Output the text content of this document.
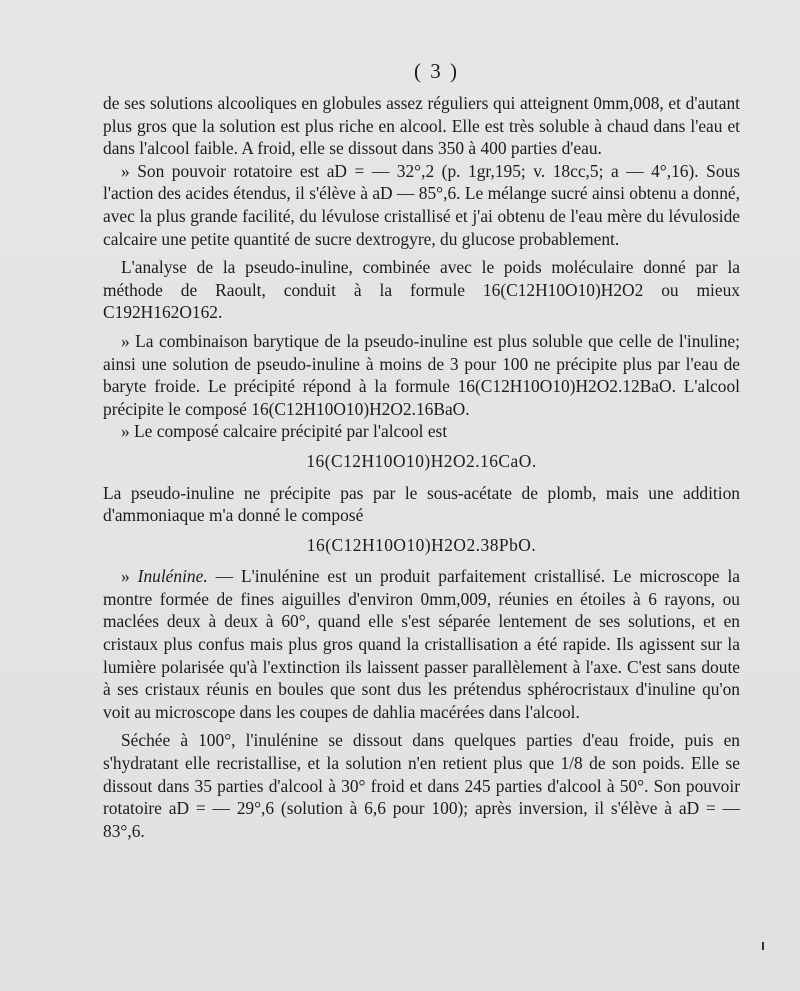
( 3 )

de ses solutions alcooliques en globules assez réguliers qui atteignent 0mm,008, et d'autant plus gros que la solution est plus riche en alcool. Elle est très soluble à chaud dans l'eau et dans l'alcool faible. A froid, elle se dissout dans 350 à 400 parties d'eau.

» Son pouvoir rotatoire est aD = — 32°,2 (p. 1gr,195; v. 18cc,5; a — 4°,16). Sous l'action des acides étendus, il s'élève à aD — 85°,6. Le mélange sucré ainsi obtenu a donné, avec la plus grande facilité, du lévulose cristallisé et j'ai obtenu de l'eau mère du lévuloside calcaire une petite quantité de sucre dextrogyre, du glucose probablement.

L'analyse de la pseudo-inuline, combinée avec le poids moléculaire donné par la méthode de Raoult, conduit à la formule 16(C12H10O10)H2O2 ou mieux C192H162O162.

» La combinaison barytique de la pseudo-inuline est plus soluble que celle de l'inuline; ainsi une solution de pseudo-inuline à moins de 3 pour 100 ne précipite plus par l'eau de baryte froide. Le précipité répond à la formule 16(C12H10O10)H2O2.12BaO. L'alcool précipite le composé 16(C12H10O10)H2O2.16BaO.

» Le composé calcaire précipité par l'alcool est

16(C12H10O10)H2O2.16CaO.

La pseudo-inuline ne précipite pas par le sous-acétate de plomb, mais une addition d'ammoniaque m'a donné le composé

16(C12H10O10)H2O2.38PbO.

» Inulénine. — L'inulénine est un produit parfaitement cristallisé. Le microscope la montre formée de fines aiguilles d'environ 0mm,009, réunies en étoiles à 6 rayons, ou maclées deux à deux à 60°, quand elle s'est séparée lentement de ses solutions, et en cristaux plus confus mais plus gros quand la cristallisation a été rapide. Ils agissent sur la lumière polarisée qu'à l'extinction ils laissent passer parallèlement à l'axe. C'est sans doute à ses cristaux réunis en boules que sont dus les prétendus sphérocristaux d'inuline qu'on voit au microscope dans les coupes de dahlia macérées dans l'alcool.

Séchée à 100°, l'inulénine se dissout dans quelques parties d'eau froide, puis en s'hydratant elle recristallise, et la solution n'en retient plus que 1/8 de son poids. Elle se dissout dans 35 parties d'alcool à 30° froid et dans 245 parties d'alcool à 50°. Son pouvoir rotatoire aD = — 29°,6 (solution à 6,6 pour 100); après inversion, il s'élève à aD = — 83°,6.
